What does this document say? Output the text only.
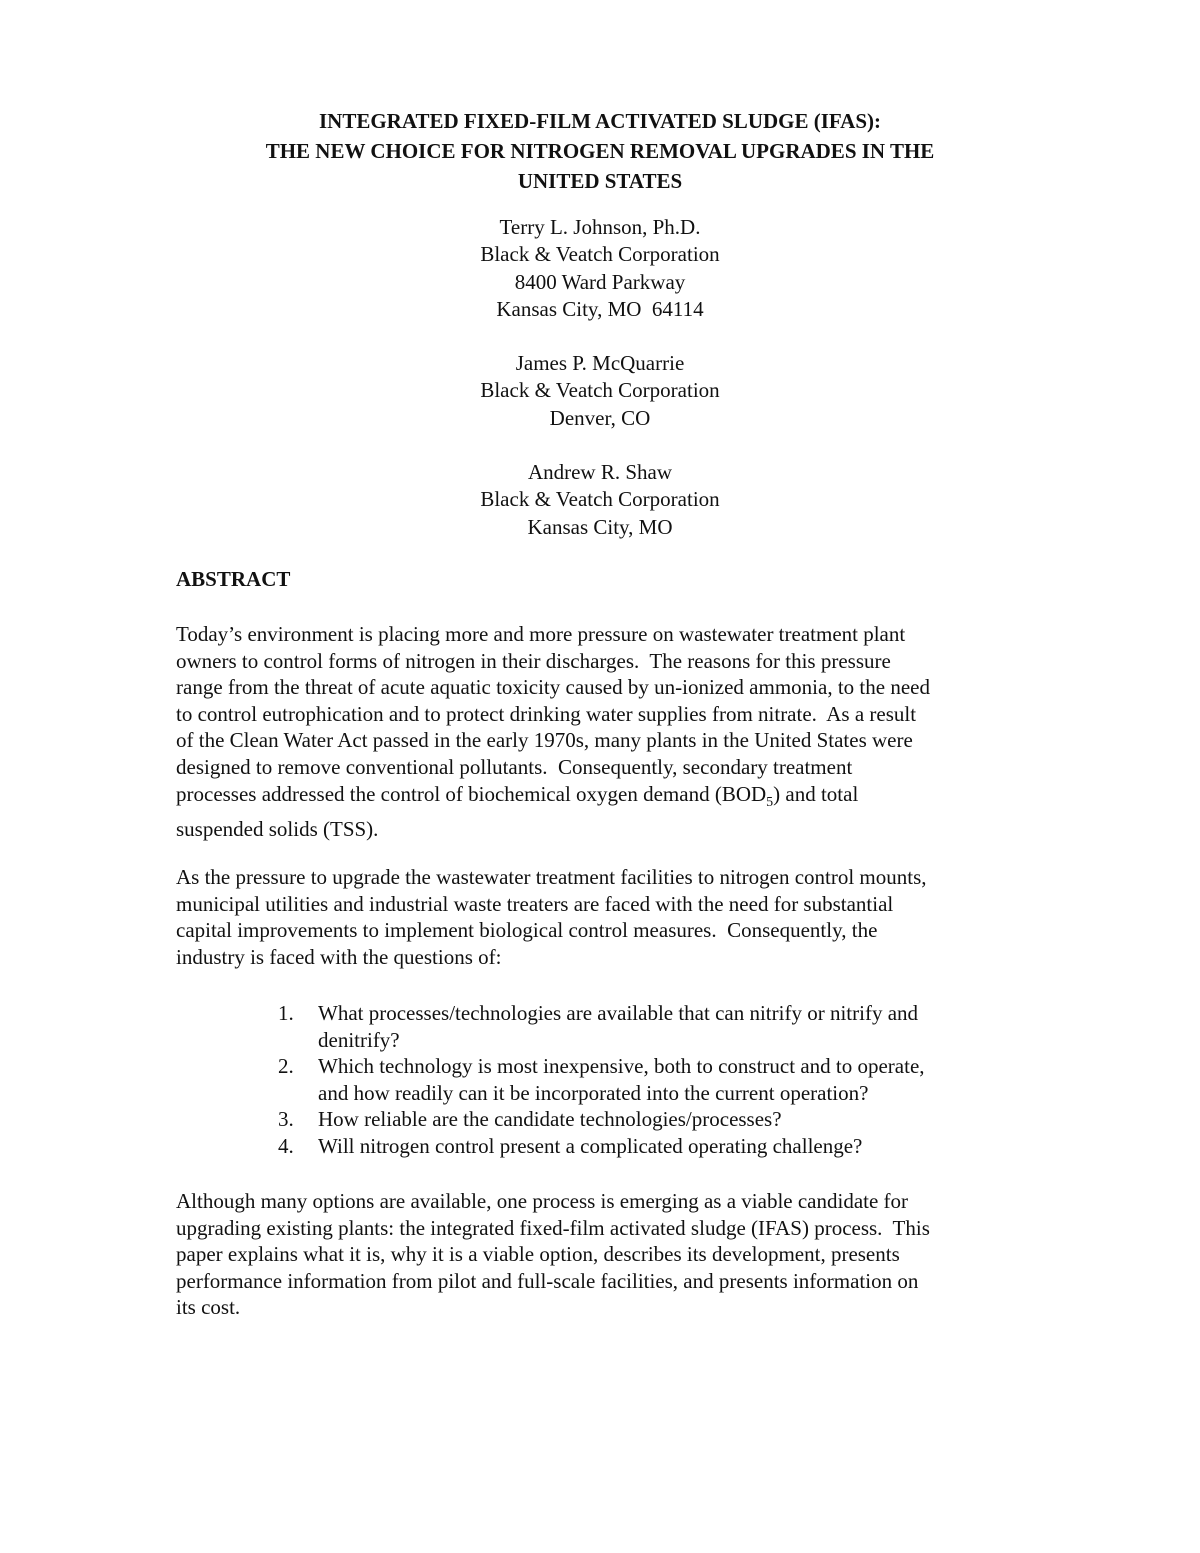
INTEGRATED FIXED-FILM ACTIVATED SLUDGE (IFAS):
THE NEW CHOICE FOR NITROGEN REMOVAL UPGRADES IN THE
UNITED STATES
Terry L. Johnson, Ph.D.
Black & Veatch Corporation
8400 Ward Parkway
Kansas City, MO  64114
James P. McQuarrie
Black & Veatch Corporation
Denver, CO
Andrew R. Shaw
Black & Veatch Corporation
Kansas City, MO
ABSTRACT
Today’s environment is placing more and more pressure on wastewater treatment plant
owners to control forms of nitrogen in their discharges.  The reasons for this pressure
range from the threat of acute aquatic toxicity caused by un-ionized ammonia, to the need
to control eutrophication and to protect drinking water supplies from nitrate.  As a result
of the Clean Water Act passed in the early 1970s, many plants in the United States were
designed to remove conventional pollutants.  Consequently, secondary treatment
processes addressed the control of biochemical oxygen demand $(BOD_5)$ and total
suspended solids (TSS).
As the pressure to upgrade the wastewater treatment facilities to nitrogen control mounts,
municipal utilities and industrial waste treaters are faced with the need for substantial
capital improvements to implement biological control measures.  Consequently, the
industry is faced with the questions of:
1. What processes/technologies are available that can nitrify or nitrify and
denitrify?
2. Which technology is most inexpensive, both to construct and to operate,
and how readily can it be incorporated into the current operation?
3. How reliable are the candidate technologies/processes?
4. Will nitrogen control present a complicated operating challenge?
Although many options are available, one process is emerging as a viable candidate for
upgrading existing plants: the integrated fixed-film activated sludge (IFAS) process.  This
paper explains what it is, why it is a viable option, describes its development, presents
performance information from pilot and full-scale facilities, and presents information on
its cost.
